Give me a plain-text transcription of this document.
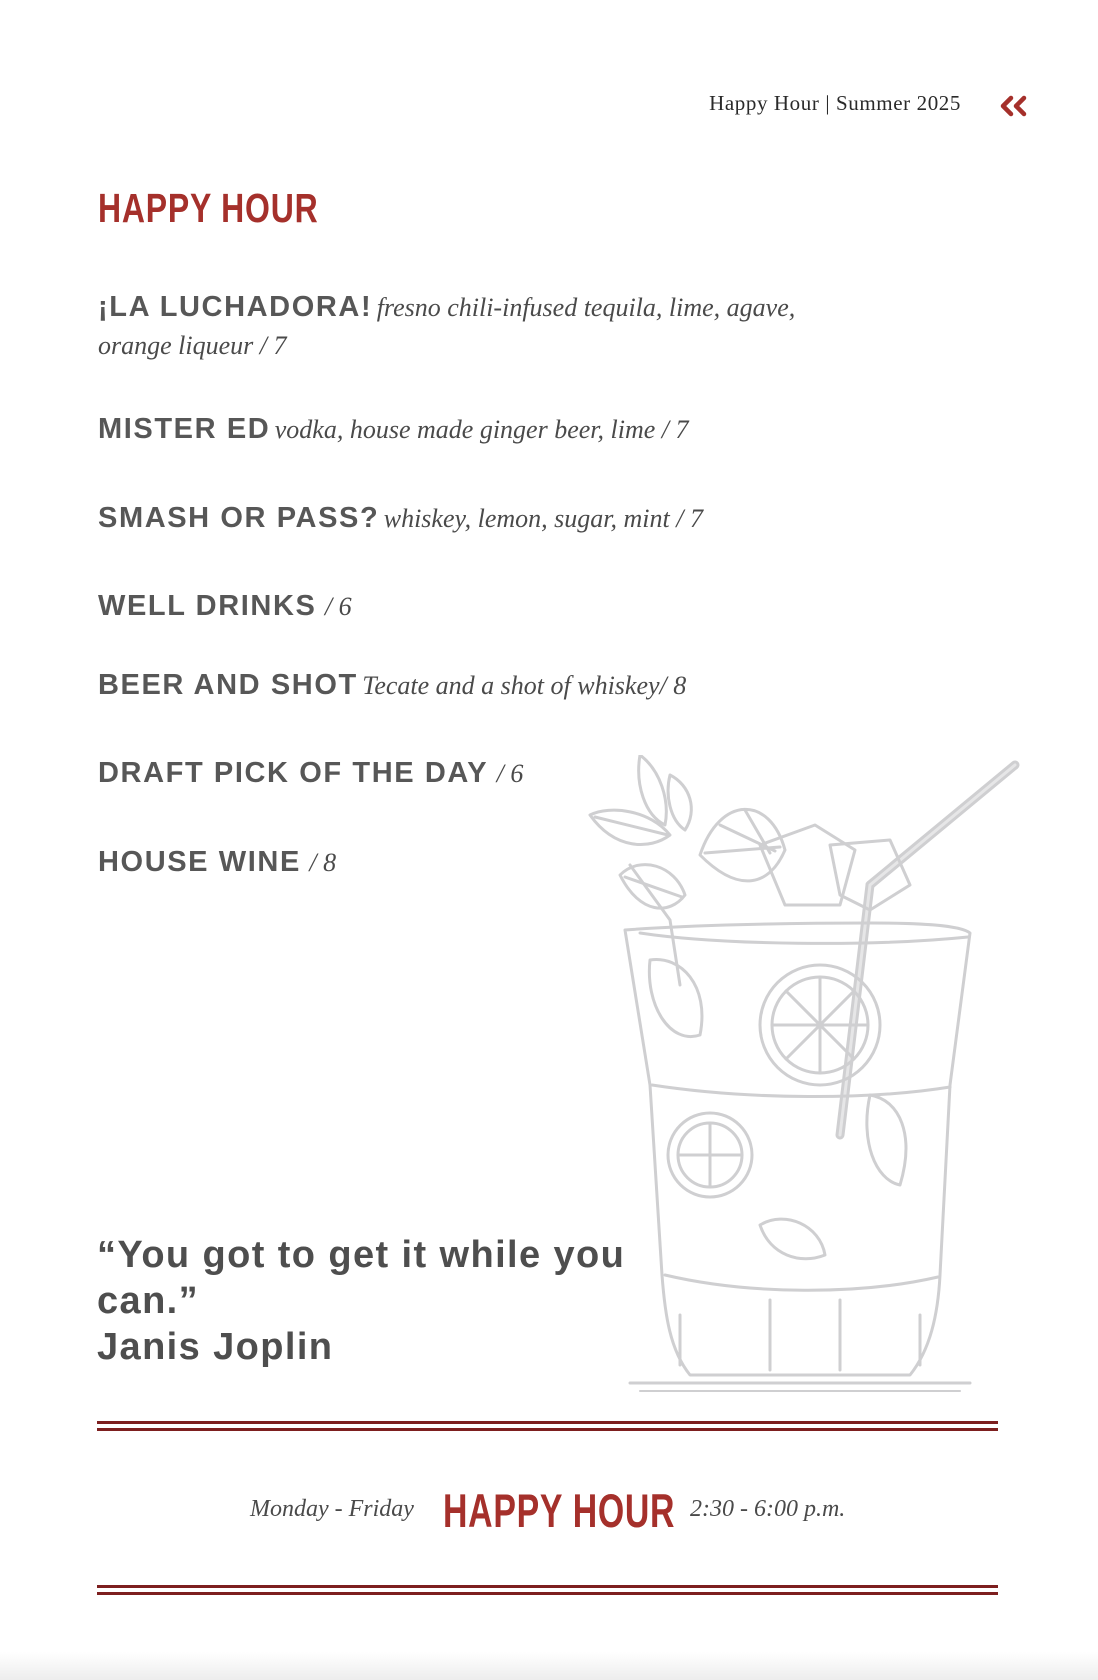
Happy Hour | Summer 2025
HAPPY HOUR
¡LA LUCHADORA! fresno chili-infused tequila, lime, agave, orange liqueur / 7
MISTER ED vodka, house made ginger beer, lime / 7
SMASH OR PASS? whiskey, lemon, sugar, mint / 7
WELL DRINKS / 6
BEER AND SHOT Tecate and a shot of whiskey/ 8
DRAFT PICK OF THE DAY / 6
HOUSE WINE / 8
“You got to get it while you can.”
Janis Joplin
Monday - Friday HAPPY HOUR 2:30 - 6:00 p.m.
